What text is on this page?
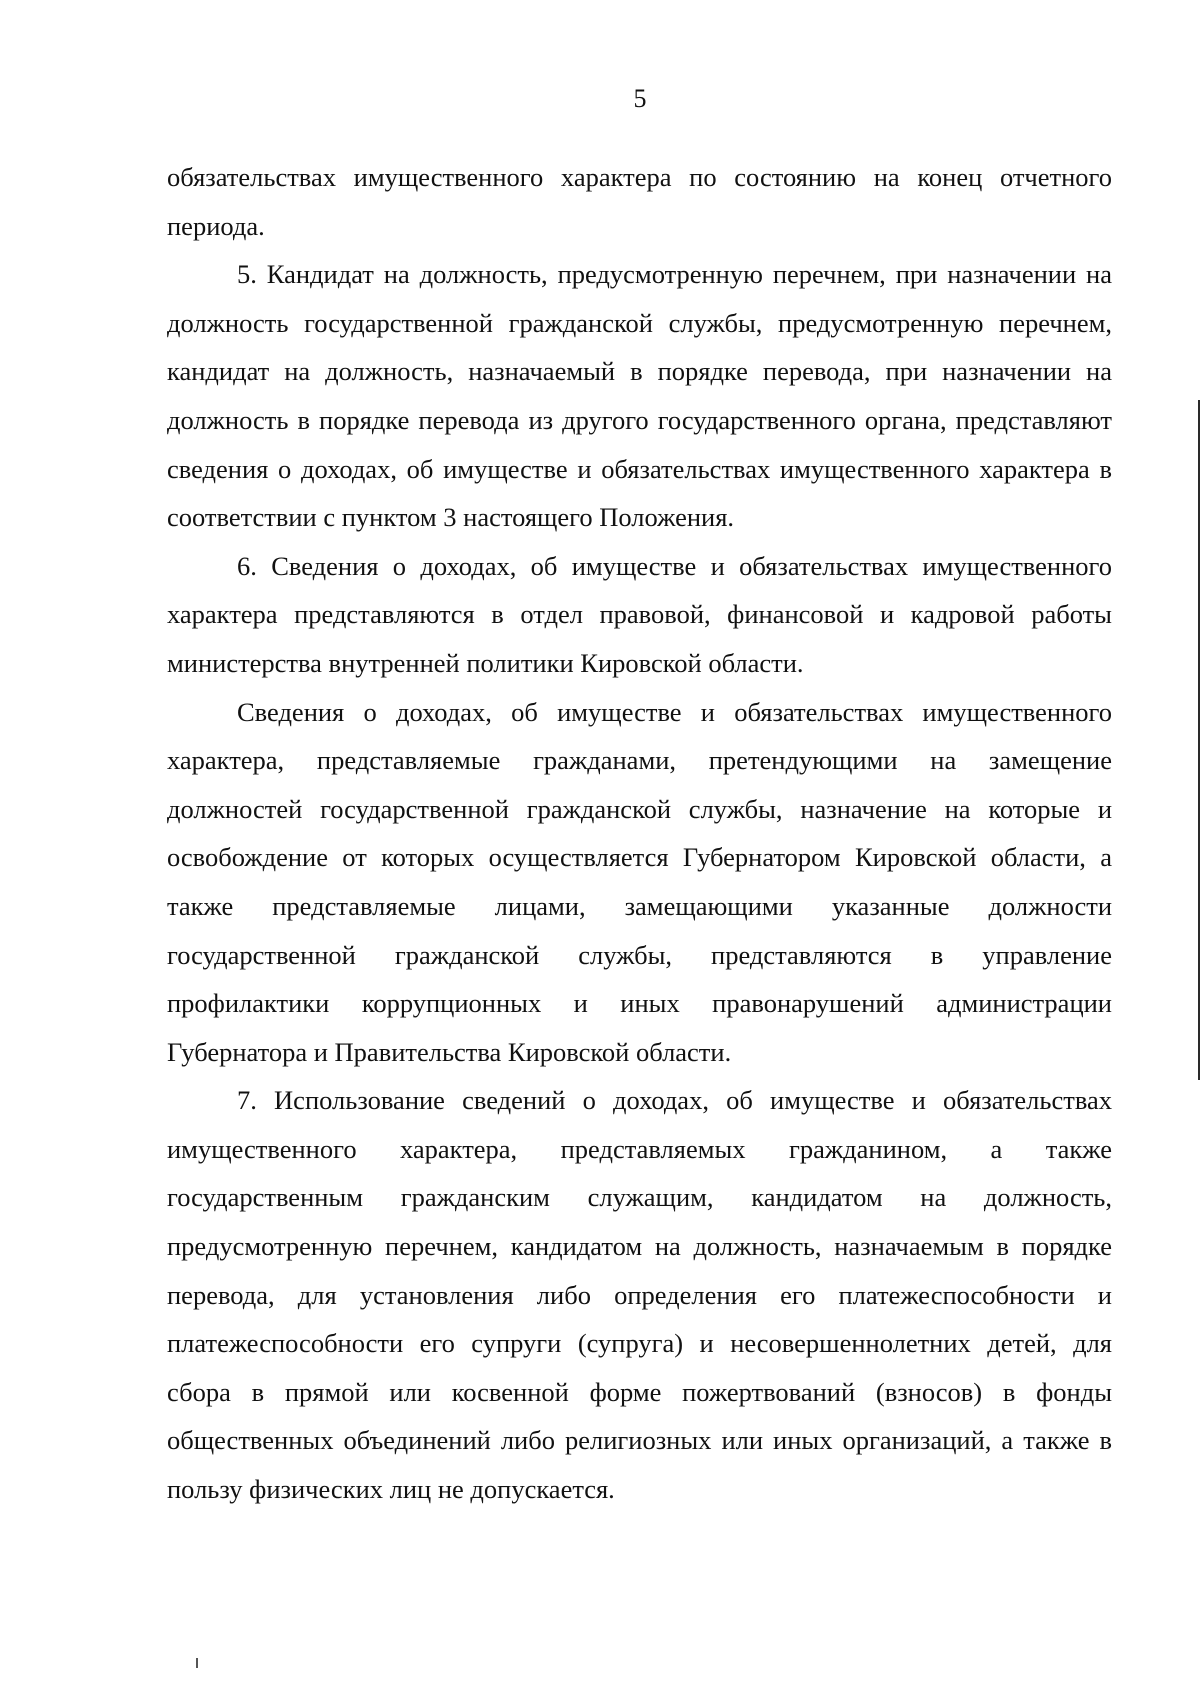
5

обязательствах имущественного характера по состоянию на конец отчетного периода.

5. Кандидат на должность, предусмотренную перечнем, при назначении на должность государственной гражданской службы, предусмотренную перечнем, кандидат на должность, назначаемый в порядке перевода, при назначении на должность в порядке перевода из другого государственного органа, представляют сведения о доходах, об имуществе и обязательствах имущественного характера в соответствии с пунктом 3 настоящего Положения.

6. Сведения о доходах, об имуществе и обязательствах имущественного характера представляются в отдел правовой, финансовой и кадровой работы министерства внутренней политики Кировской области.

Сведения о доходах, об имуществе и обязательствах имущественного характера, представляемые гражданами, претендующими на замещение должностей государственной гражданской службы, назначение на которые и освобождение от которых осуществляется Губернатором Кировской области, а также представляемые лицами, замещающими указанные должности государственной гражданской службы, представляются в управление профилактики коррупционных и иных правонарушений администрации Губернатора и Правительства Кировской области.

7. Использование сведений о доходах, об имуществе и обязательствах имущественного характера, представляемых гражданином, а также государственным гражданским служащим, кандидатом на должность, предусмотренную перечнем, кандидатом на должность, назначаемым в порядке перевода, для установления либо определения его платежеспособности и платежеспособности его супруги (супруга) и несовершеннолетних детей, для сбора в прямой или косвенной форме пожертвований (взносов) в фонды общественных объединений либо религиозных или иных организаций, а также в пользу физических лиц не допускается.
